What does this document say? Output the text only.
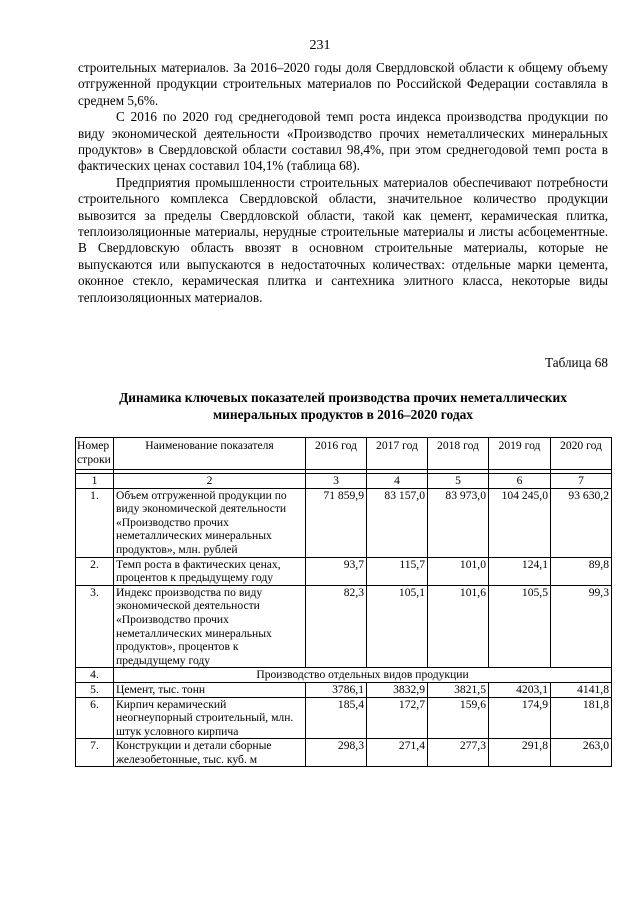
231

строительных материалов. За 2016–2020 годы доля Свердловской области к общему объему отгруженной продукции строительных материалов по Российской Федерации составляла в среднем 5,6%.

С 2016 по 2020 год среднегодовой темп роста индекса производства продукции по виду экономической деятельности «Производство прочих неметаллических минеральных продуктов» в Свердловской области составил 98,4%, при этом среднегодовой темп роста в фактических ценах составил 104,1% (таблица 68).

Предприятия промышленности строительных материалов обеспечивают потребности строительного комплекса Свердловской области, значительное количество продукции вывозится за пределы Свердловской области, такой как цемент, керамическая плитка, теплоизоляционные материалы, нерудные строительные материалы и листы асбоцементные. В Свердловскую область ввозят в основном строительные материалы, которые не выпускаются или выпускаются в недостаточных количествах: отдельные марки цемента, оконное стекло, керамическая плитка и сантехника элитного класса, некоторые виды теплоизоляционных материалов.

Таблица 68
Динамика ключевых показателей производства прочих неметаллических минеральных продуктов в 2016–2020 годах
Номер
строки	Наименование показателя	2016 год	2017 год	2018 год	2019 год	2020 год

1	2	3	4	5	6	7
1.	Объем отгруженной продукции по виду экономической деятельности «Производство прочих неметаллических минеральных продуктов», млн. рублей	71 859,9	83 157,0	83 973,0	104 245,0	93 630,2
2.	Темп роста в фактических ценах, процентов к предыдущему году	93,7	115,7	101,0	124,1	89,8
3.	Индекс производства по виду экономической деятельности «Производство прочих неметаллических минеральных продуктов», процентов к предыдущему году	82,3	105,1	101,6	105,5	99,3
4.	Производство отдельных видов продукции					
5.	Цемент, тыс. тонн	3786,1	3832,9	3821,5	4203,1	4141,8
6.	Кирпич керамический неогнеупорный строительный, млн. штук условного кирпича	185,4	172,7	159,6	174,9	181,8
7.	Конструкции и детали сборные железобетонные, тыс. куб. м	298,3	271,4	277,3	291,8	263,0
